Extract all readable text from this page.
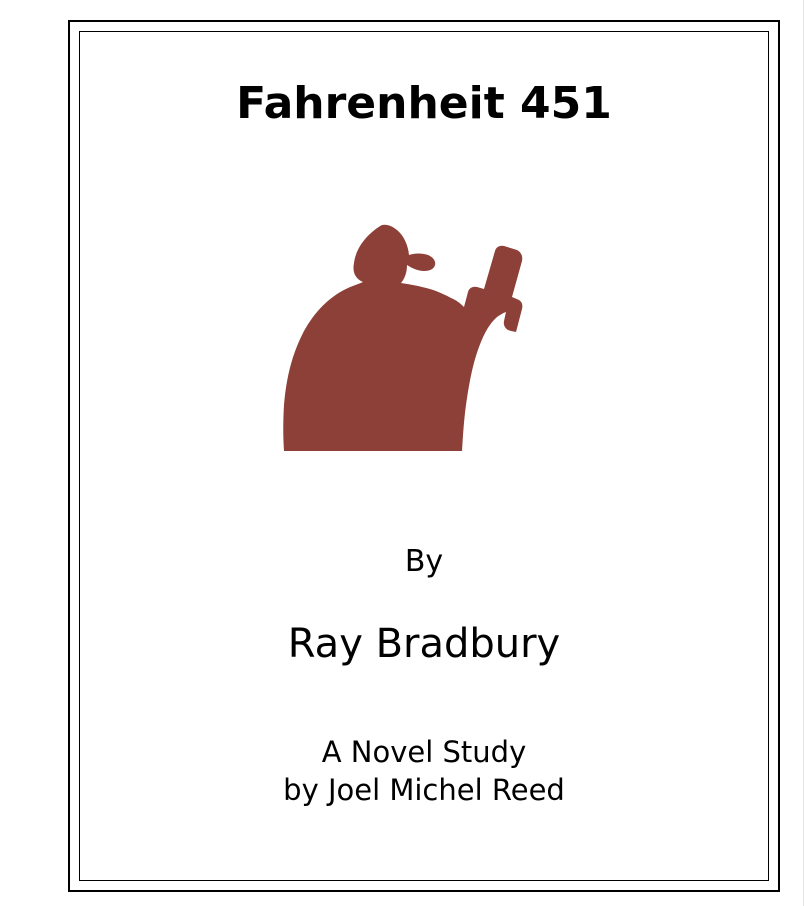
Fahrenheit 451
By
Ray Bradbury
A Novel Study
by Joel Michel Reed
